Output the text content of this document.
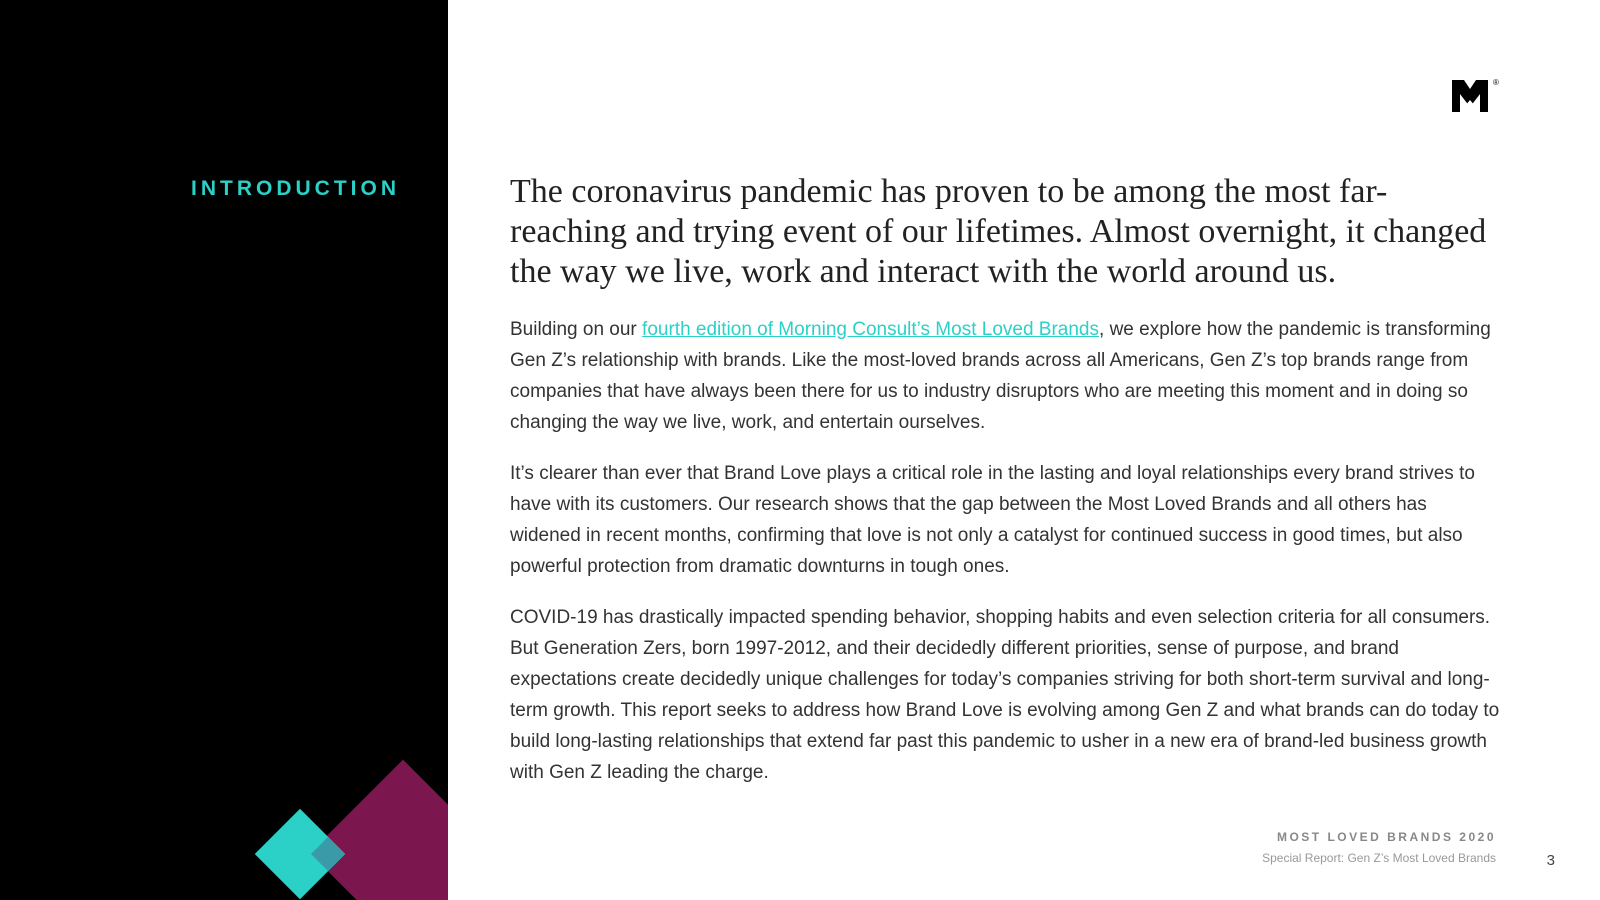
INTRODUCTION
®

The coronavirus pandemic has proven to be among the most far-reaching and trying event of our lifetimes. Almost overnight, it changed the way we live, work and interact with the world around us.

Building on our fourth edition of Morning Consult’s Most Loved Brands, we explore how the pandemic is transforming Gen Z’s relationship with brands. Like the most-loved brands across all Americans, Gen Z’s top brands range from companies that have always been there for us to industry disruptors who are meeting this moment and in doing so changing the way we live, work, and entertain ourselves.

It’s clearer than ever that Brand Love plays a critical role in the lasting and loyal relationships every brand strives to have with its customers. Our research shows that the gap between the Most Loved Brands and all others has widened in recent months, confirming that love is not only a catalyst for continued success in good times, but also powerful protection from dramatic downturns in tough ones.

COVID-19 has drastically impacted spending behavior, shopping habits and even selection criteria for all consumers. But Generation Zers, born 1997-2012, and their decidedly different priorities, sense of purpose, and brand expectations create decidedly unique challenges for today’s companies striving for both short-term survival and long-term growth. This report seeks to address how Brand Love is evolving among Gen Z and what brands can do today to build long-lasting relationships that extend far past this pandemic to usher in a new era of brand-led business growth with Gen Z leading the charge.

MOST LOVED BRANDS 2020
Special Report: Gen Z’s Most Loved Brands	3
